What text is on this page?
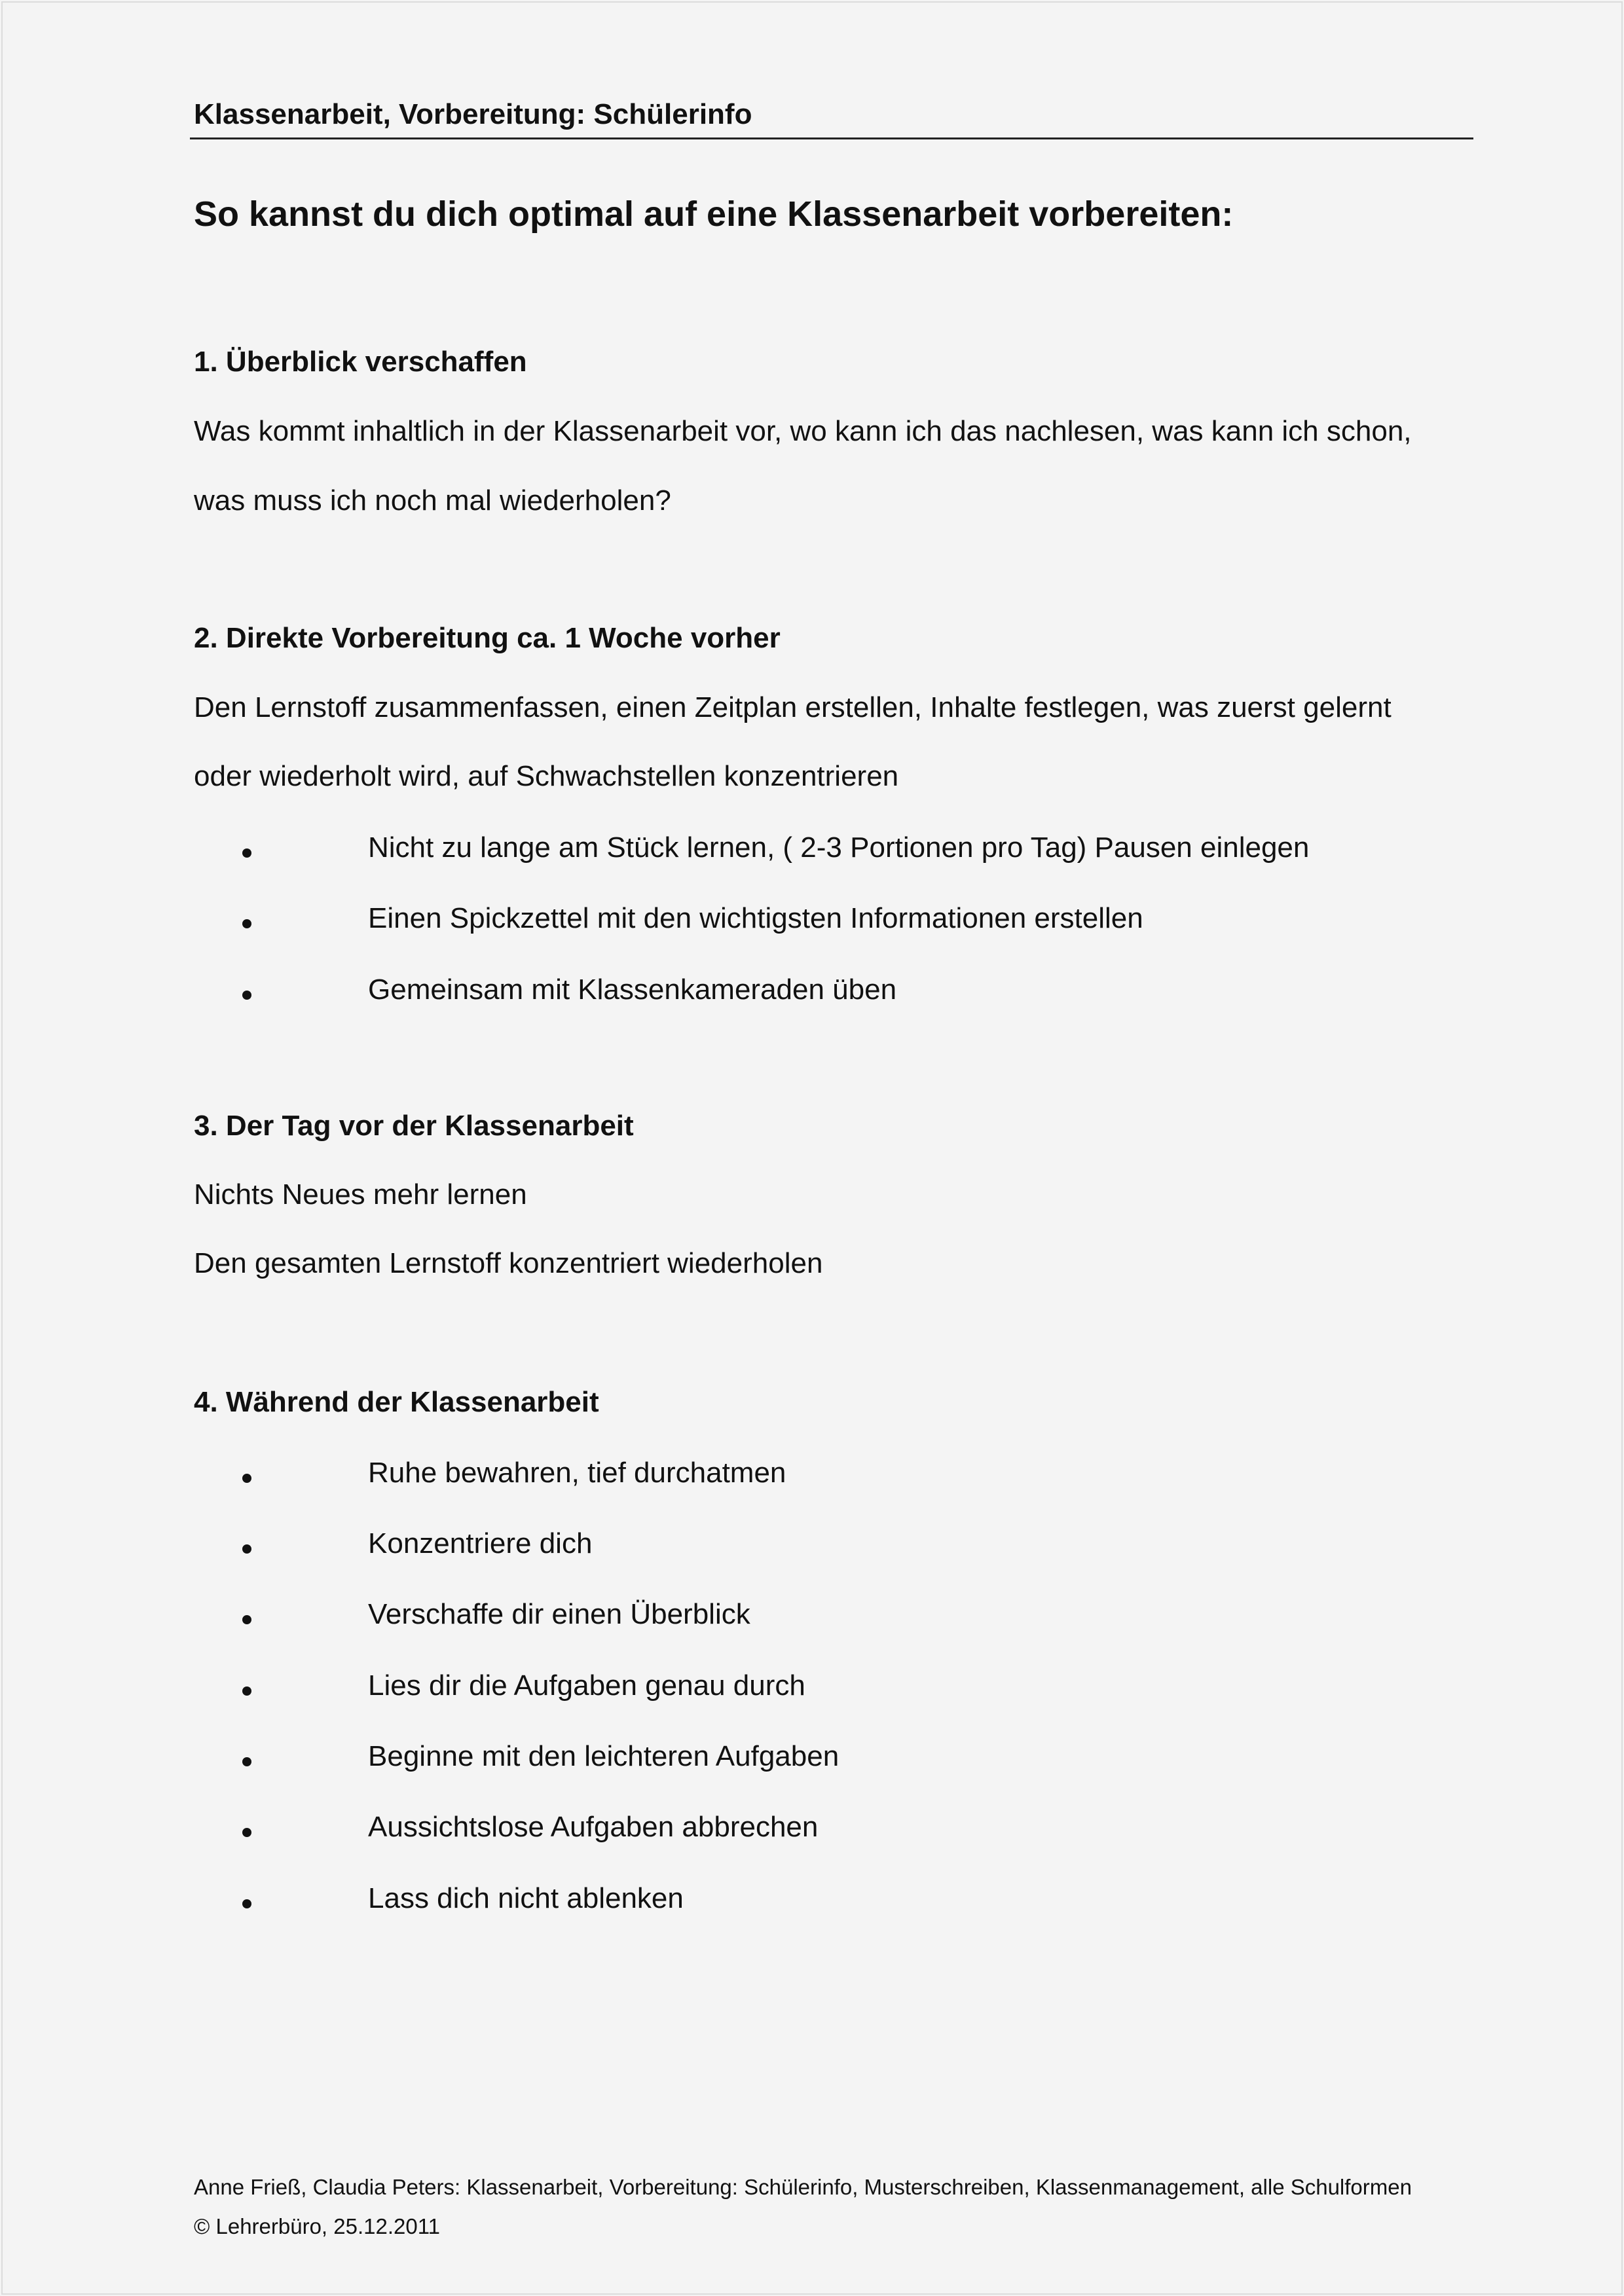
Klassenarbeit, Vorbereitung: Schülerinfo
So kannst du dich optimal auf eine Klassenarbeit vorbereiten:
1. Überblick verschaffen
Was kommt inhaltlich in der Klassenarbeit vor, wo kann ich das nachlesen, was kann ich schon,
was muss ich noch mal wiederholen?
2. Direkte Vorbereitung ca. 1 Woche vorher
Den Lernstoff zusammenfassen, einen Zeitplan erstellen, Inhalte festlegen, was zuerst gelernt
oder wiederholt wird, auf Schwachstellen konzentrieren
Nicht zu lange am Stück lernen, ( 2-3 Portionen pro Tag) Pausen einlegen
Einen Spickzettel mit den wichtigsten Informationen erstellen
Gemeinsam mit Klassenkameraden üben
3. Der Tag vor der Klassenarbeit
Nichts Neues mehr lernen
Den gesamten Lernstoff konzentriert wiederholen
4. Während der Klassenarbeit
Ruhe bewahren, tief durchatmen
Konzentriere dich
Verschaffe dir einen Überblick
Lies dir die Aufgaben genau durch
Beginne mit den leichteren Aufgaben
Aussichtslose Aufgaben abbrechen
Lass dich nicht ablenken
Anne Frieß, Claudia Peters: Klassenarbeit, Vorbereitung: Schülerinfo, Musterschreiben, Klassenmanagement, alle Schulformen
© Lehrerbüro, 25.12.2011
